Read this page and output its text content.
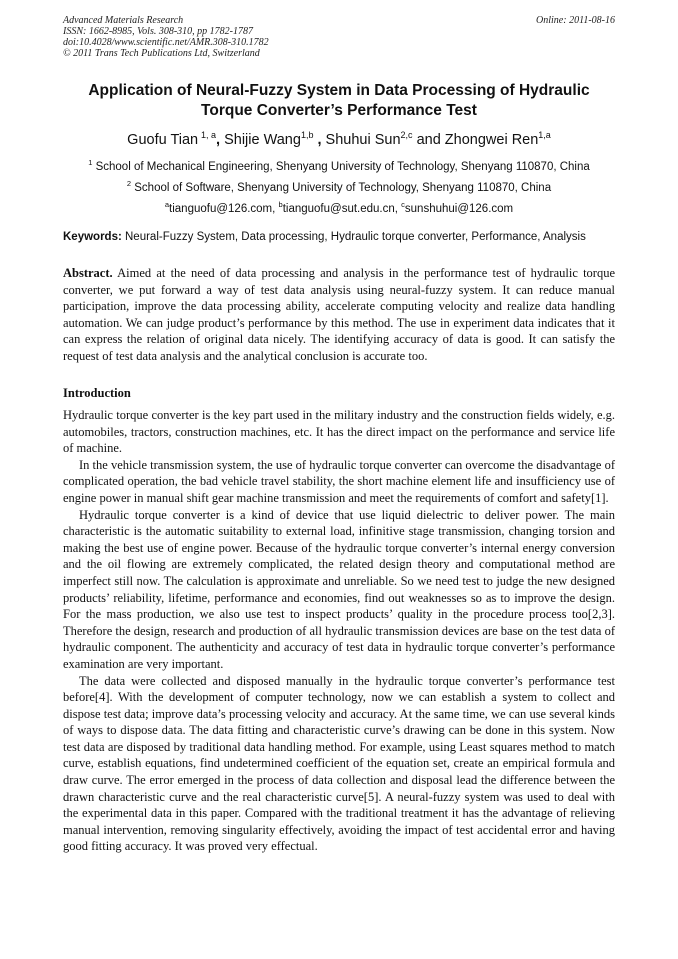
Advanced Materials Research
ISSN: 1662-8985, Vols. 308-310, pp 1782-1787
doi:10.4028/www.scientific.net/AMR.308-310.1782
© 2011 Trans Tech Publications Ltd, Switzerland
Online: 2011-08-16
Application of Neural-Fuzzy System in Data Processing of Hydraulic Torque Converter’s Performance Test
Guofu Tian  $^{1, a}$, Shijie Wang$^{1,b}$ , Shuhui Sun$^{2,c}$ and Zhongwei Ren$^{1,a}$
$^1$ School of Mechanical Engineering, Shenyang University of Technology, Shenyang 110870, China
$^2$ School of Software, Shenyang University of Technology, Shenyang 110870, China
$^a$tianguofu@126.com, $^b$tianguofu@sut.edu.cn, $^c$sunshuhui@126.com
Keywords: Neural-Fuzzy System, Data processing, Hydraulic torque converter, Performance, Analysis

Abstract. Aimed at the need of data processing and analysis in the performance test of hydraulic torque converter, we put forward a way of test data analysis using neural-fuzzy system. It can reduce manual participation, improve the data processing ability, accelerate computing velocity and realize data handling automation. We can judge product’s performance by this method. The use in experiment data indicates that it can express the relation of original data nicely. The identifying accuracy of data is good. It can satisfy the request of test data analysis and the analytical conclusion is accurate too.

Introduction

Hydraulic torque converter is the key part used in the military industry and the construction fields widely, e.g. automobiles, tractors, construction machines, etc. It has the direct impact on the performance and service life of machine.

In the vehicle transmission system, the use of hydraulic torque converter can overcome the disadvantage of complicated operation, the bad vehicle travel stability, the short machine element life and insufficiency use of engine power in manual shift gear machine transmission and meet the requirements of comfort and safety[1].

Hydraulic torque converter is a kind of device that use liquid dielectric to deliver power. The main characteristic is the automatic suitability to external load, infinitive stage transmission, changing torsion and making the best use of engine power. Because of the hydraulic torque converter’s internal energy conversion and the oil flowing are extremely complicated, the related design theory and computational method are imperfect still now. The calculation is approximate and unreliable. So we need test to judge the new designed products’ reliability, lifetime, performance and economies, find out weaknesses so as to improve the design. For the mass production, we also use test to inspect products’ quality in the procedure process too[2,3]. Therefore the design, research and production of all hydraulic transmission devices are base on the test data of hydraulic component. The authenticity and accuracy of test data in hydraulic torque converter’s performance examination are very important.

The data were collected and disposed manually in the hydraulic torque converter’s performance test before[4]. With the development of computer technology, now we can establish a system to collect and dispose test data; improve data’s processing velocity and accuracy. At the same time, we can use several kinds of ways to dispose data. The data fitting and characteristic curve’s drawing can be done in this system. Now test data are disposed by traditional data handling method. For example, using Least squares method to match curve, establish equations, find undetermined coefficient of the equation set, create an empirical formula and draw curve. The error emerged in the process of data collection and disposal lead the difference between the drawn characteristic curve and the real characteristic curve[5]. A neural-fuzzy system was used to deal with the experimental data in this paper. Compared with the traditional treatment it has the advantage of relieving manual intervention, removing singularity effectively, avoiding the impact of test accidental error and having good fitting accuracy. It was proved very effectual.
